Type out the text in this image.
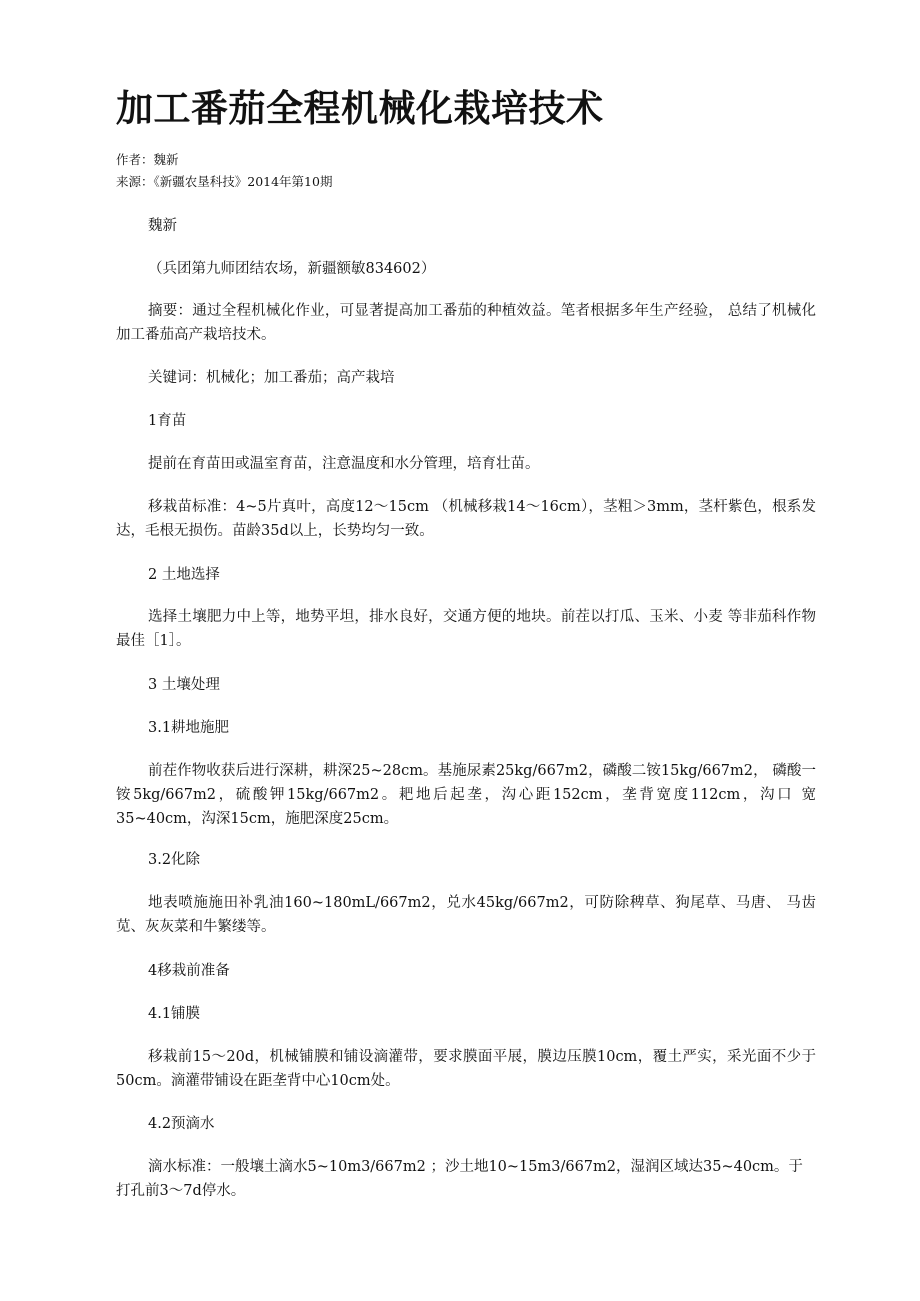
加工番茄全程机械化栽培技术
作者：魏新
来源：《新疆农垦科技》2014年第10期
魏新
（兵团第九师团结农场，新疆额敏834602）
摘要：通过全程机械化作业，可显著提高加工番茄的种植效益。笔者根据多年生产经验， 总结了机械化加工番茄高产栽培技术。
关键词：机械化；加工番茄；高产栽培
1育苗
提前在育苗田或温室育苗，注意温度和水分管理，培育壮苗。
移栽苗标准：4~5片真叶，高度12～15cm （机械移栽14～16cm），茎粗＞3mm，茎杆紫色，根系发达，毛根无损伤。苗龄35d以上，长势均匀一致。
2 土地选择
选择土壤肥力中上等，地势平坦，排水良好，交通方便的地块。前茬以打瓜、玉米、小麦 等非茄科作物最佳［1］。
3 土壤处理
3.1耕地施肥
前茬作物收获后进行深耕，耕深25~28cm。基施尿素25kg/667m2，磷酸二铵15kg/667m2， 磷酸一铵5kg/667m2，硫酸钾15kg/667m2。耙地后起垄，沟心距152cm，垄背宽度112cm，沟口 宽35~40cm，沟深15cm，施肥深度25cm。
3.2化除
地表喷施施田补乳油160~180mL/667m2，兑水45kg/667m2，可防除稗草、狗尾草、马唐、 马齿苋、灰灰菜和牛繁缕等。
4移栽前准备
4.1铺膜
移栽前15～20d，机械铺膜和铺设滴灌带，要求膜面平展，膜边压膜10cm，覆土严实，采光面不少于50cm。滴灌带铺设在距垄背中心10cm处。
4.2预滴水
滴水标准：一般壤土滴水5~10m3/667m2 ；沙土地10~15m3/667m2，湿润区域达35~40cm。于打孔前3～7d停水。
